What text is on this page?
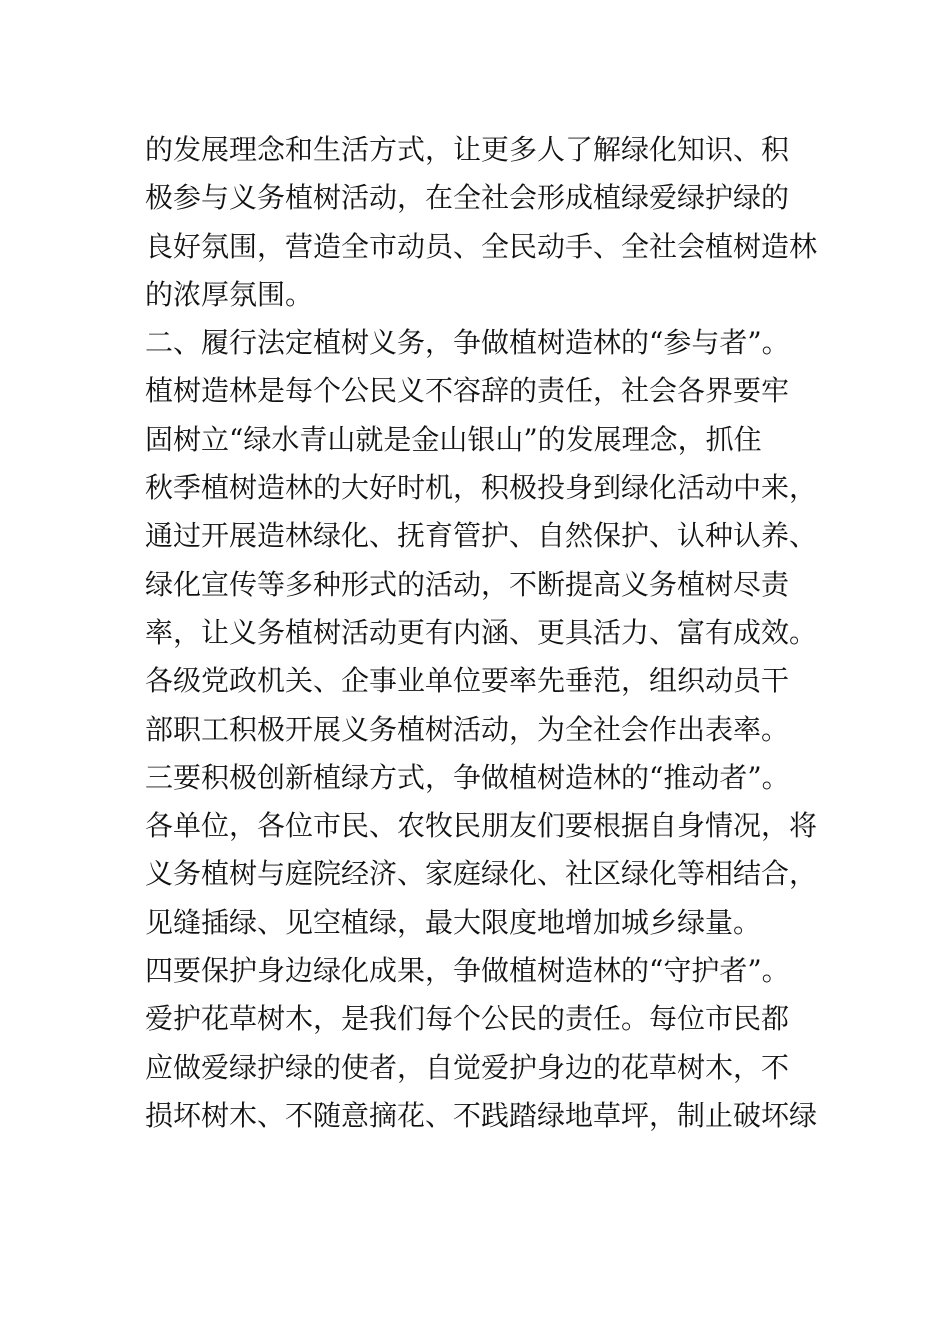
的发展理念和生活方式，让更多人了解绿化知识、积
极参与义务植树活动，在全社会形成植绿爱绿护绿的
良好氛围，营造全市动员、全民动手、全社会植树造林
的浓厚氛围。
二、履行法定植树义务，争做植树造林的“参与者”。
植树造林是每个公民义不容辞的责任，社会各界要牢
固树立“绿水青山就是金山银山”的发展理念，抓住
秋季植树造林的大好时机，积极投身到绿化活动中来，
通过开展造林绿化、抚育管护、自然保护、认种认养、
绿化宣传等多种形式的活动，不断提高义务植树尽责
率，让义务植树活动更有内涵、更具活力、富有成效。
各级党政机关、企事业单位要率先垂范，组织动员干
部职工积极开展义务植树活动，为全社会作出表率。
三要积极创新植绿方式，争做植树造林的“推动者”。
各单位，各位市民、农牧民朋友们要根据自身情况，将
义务植树与庭院经济、家庭绿化、社区绿化等相结合，
见缝插绿、见空植绿，最大限度地增加城乡绿量。
四要保护身边绿化成果，争做植树造林的“守护者”。
爱护花草树木，是我们每个公民的责任。每位市民都
应做爱绿护绿的使者，自觉爱护身边的花草树木，不
损坏树木、不随意摘花、不践踏绿地草坪，制止破坏绿
